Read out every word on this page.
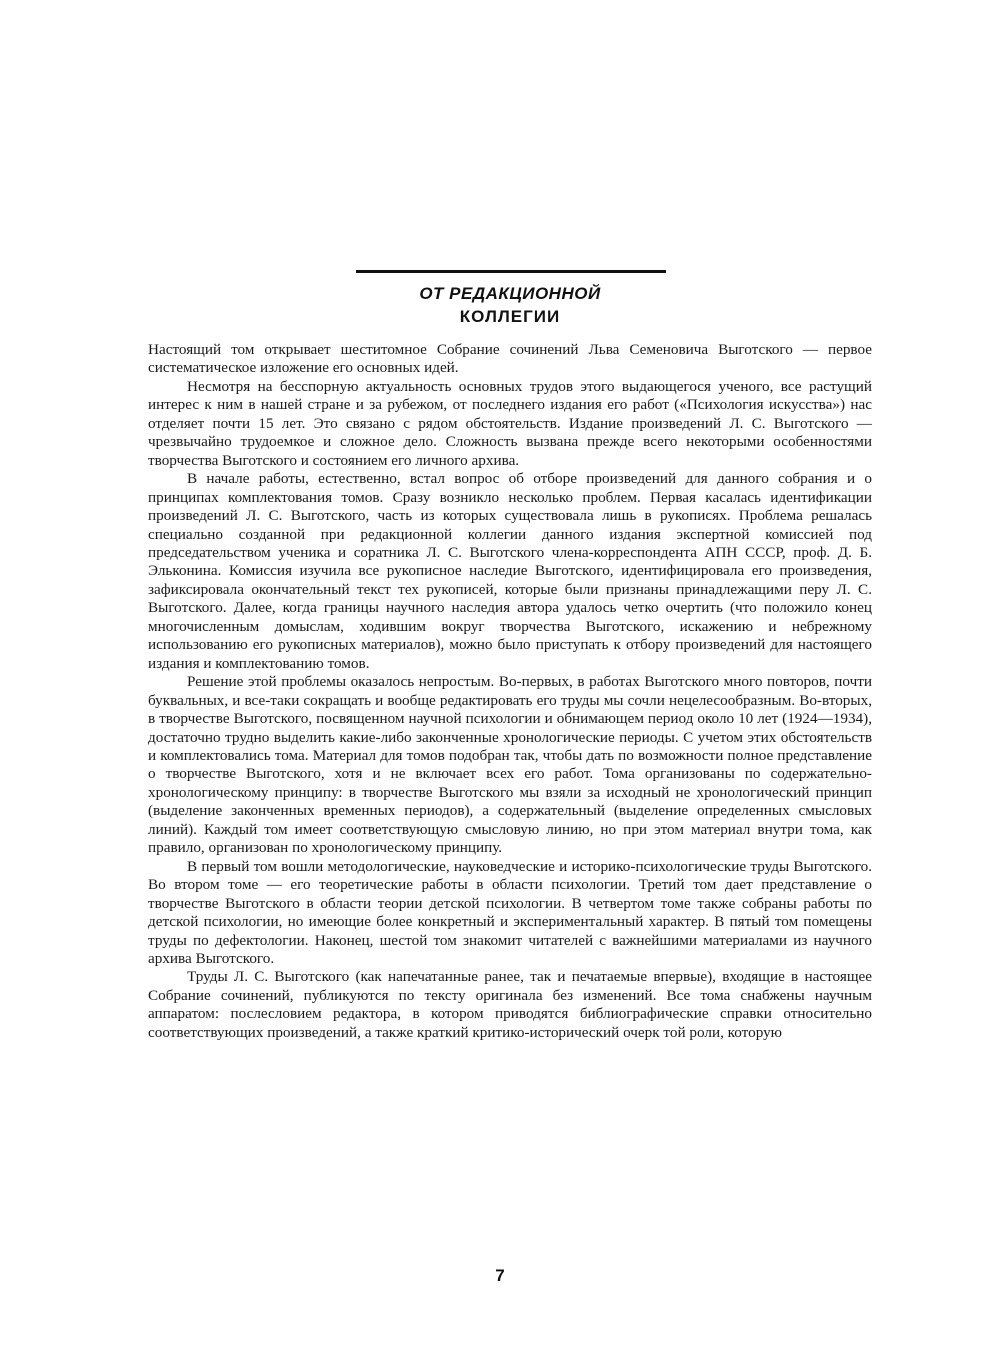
ОТ РЕДАКЦИОННОЙ
КОЛЛЕГИИ

Настоящий том открывает шеститомное Собрание сочинений Льва Семеновича Выготского — первое систематическое изложение его основных идей.

Несмотря на бесспорную актуальность основных трудов этого выдающегося ученого, все растущий интерес к ним в нашей стране и за рубежом, от последнего издания его работ («Психология искусства») нас отделяет почти 15 лет. Это связано с рядом обстоятельств. Издание произведений Л. С. Выготского — чрезвычайно трудоемкое и сложное дело. Сложность вызвана прежде всего некоторыми особенностями творчества Выготского и состоянием его личного архива.

В начале работы, естественно, встал вопрос об отборе произведений для данного собрания и о принципах комплектования томов. Сразу возникло несколько проблем. Первая касалась идентификации произведений Л. С. Выготского, часть из которых существовала лишь в рукописях. Проблема решалась специально созданной при редакционной коллегии данного издания экспертной комиссией под председательством ученика и соратника Л. С. Выготского члена-корреспондента АПН СССР, проф. Д. Б. Эльконина. Комиссия изучила все рукописное наследие Выготского, идентифицировала его произведения, зафиксировала окончательный текст тех рукописей, которые были признаны принадлежащими перу Л. С. Выготского. Далее, когда границы научного наследия автора удалось четко очертить (что положило конец многочисленным домыслам, ходившим вокруг творчества Выготского, искажению и небрежному использованию его рукописных материалов), можно было приступать к отбору произведений для настоящего издания и комплектованию томов.

Решение этой проблемы оказалось непростым. Во-первых, в работах Выготского много повторов, почти буквальных, и все-таки сокращать и вообще редактировать его труды мы сочли нецелесообразным. Во-вторых, в творчестве Выготского, посвященном научной психологии и обнимающем период около 10 лет (1924—1934), достаточно трудно выделить какие-либо законченные хронологические периоды. С учетом этих обстоятельств и комплектовались тома. Материал для томов подобран так, чтобы дать по возможности полное представление о творчестве Выготского, хотя и не включает всех его работ. Тома организованы по содержательно-хронологическому принципу: в творчестве Выготского мы взяли за исходный не хронологический принцип (выделение законченных временных периодов), а содержательный (выделение определенных смысловых линий). Каждый том имеет соответствующую смысловую линию, но при этом материал внутри тома, как правило, организован по хронологическому принципу.

В первый том вошли методологические, науковедческие и историко-психологические труды Выготского. Во втором томе — его теоретические работы в области психологии. Третий том дает представление о творчестве Выготского в области теории детской психологии. В четвертом томе также собраны работы по детской психологии, но имеющие более конкретный и экспериментальный характер. В пятый том помещены труды по дефектологии. Наконец, шестой том знакомит читателей с важнейшими материалами из научного архива Выготского.

Труды Л. С. Выготского (как напечатанные ранее, так и печатаемые впервые), входящие в настоящее Собрание сочинений, публикуются по тексту оригинала без изменений. Все тома снабжены научным аппаратом: послесловием редактора, в котором приводятся библиографические справки относительно соответствующих произведений, а также краткий критико-исторический очерк той роли, которую

7
